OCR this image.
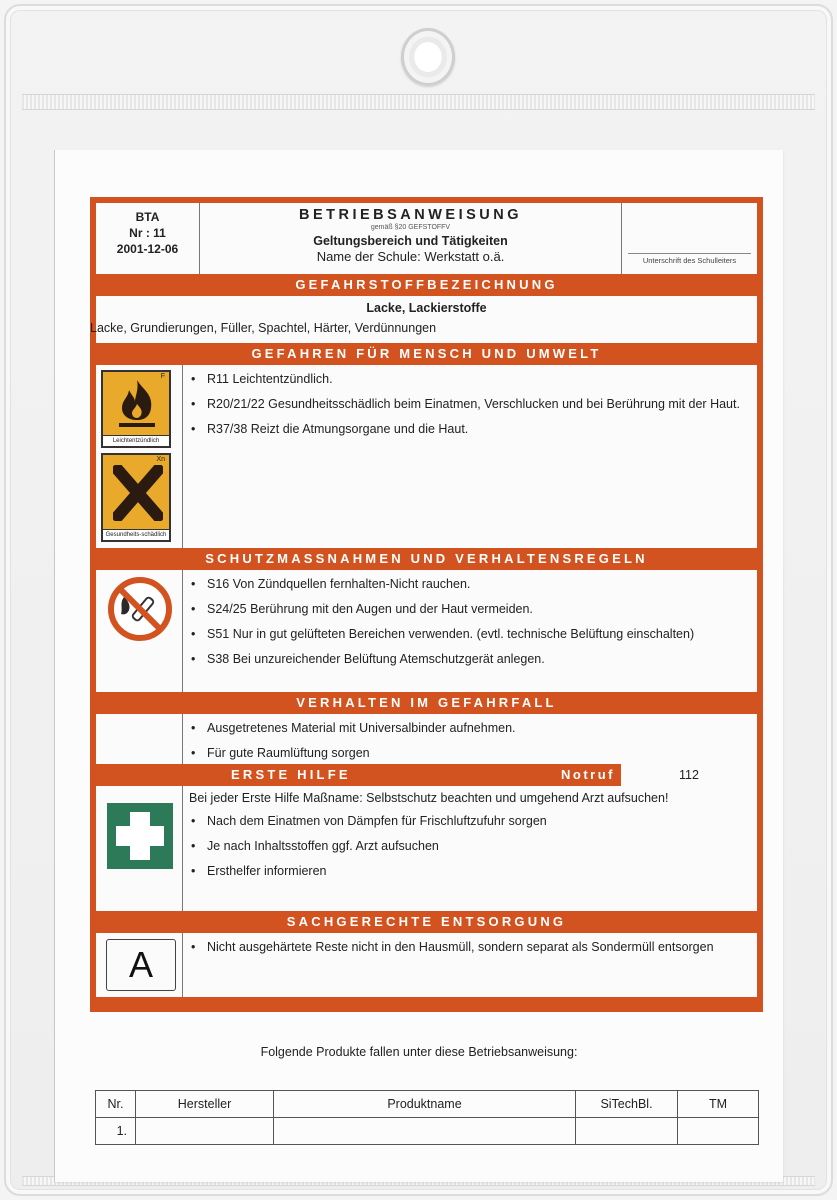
BTA
Nr : 11
2001-12-06
BETRIEBSANWEISUNG
gemäß §20 GEFSTOFFV
Geltungsbereich und Tätigkeiten
Name der Schule: Werkstatt o.ä.	Unterschrift des Schulleiters
GEFAHRSTOFFBEZEICHNUNG
Lacke, Lackierstoffe
Lacke, Grundierungen, Füller, Spachtel, Härter, Verdünnungen
GEFAHREN FÜR MENSCH UND UMWELT
F
Leichtentzündlich
Xn
Gesundheits-schädlich
• R11 Leichtentzündlich.
• R20/21/22 Gesundheitsschädlich beim Einatmen, Verschlucken und bei Berührung mit der Haut.
• R37/38 Reizt die Atmungsorgane und die Haut.
SCHUTZMASSNAHMEN UND VERHALTENSREGELN
• S16 Von Zündquellen fernhalten-Nicht rauchen.
• S24/25 Berührung mit den Augen und der Haut vermeiden.
• S51 Nur in gut gelüfteten Bereichen verwenden. (evtl. technische Belüftung einschalten)
• S38 Bei unzureichender Belüftung Atemschutzgerät anlegen.
VERHALTEN IM GEFAHRFALL
• Ausgetretenes Material mit Universalbinder aufnehmen.
• Für gute Raumlüftung sorgen
ERSTE HILFE	Notruf	112
Bei jeder Erste Hilfe Maßname: Selbstschutz beachten und umgehend Arzt aufsuchen!
• Nach dem Einatmen von Dämpfen für Frischluftzufuhr sorgen
• Je nach Inhaltsstoffen ggf. Arzt aufsuchen
• Ersthelfer informieren
SACHGERECHTE ENTSORGUNG
A	• Nicht ausgehärtete Reste nicht in den Hausmüll, sondern separat als Sondermüll entsorgen
Folgende Produkte fallen unter diese Betriebsanweisung:
Nr.	Hersteller	Produktname	SiTechBl.	TM
1.				
